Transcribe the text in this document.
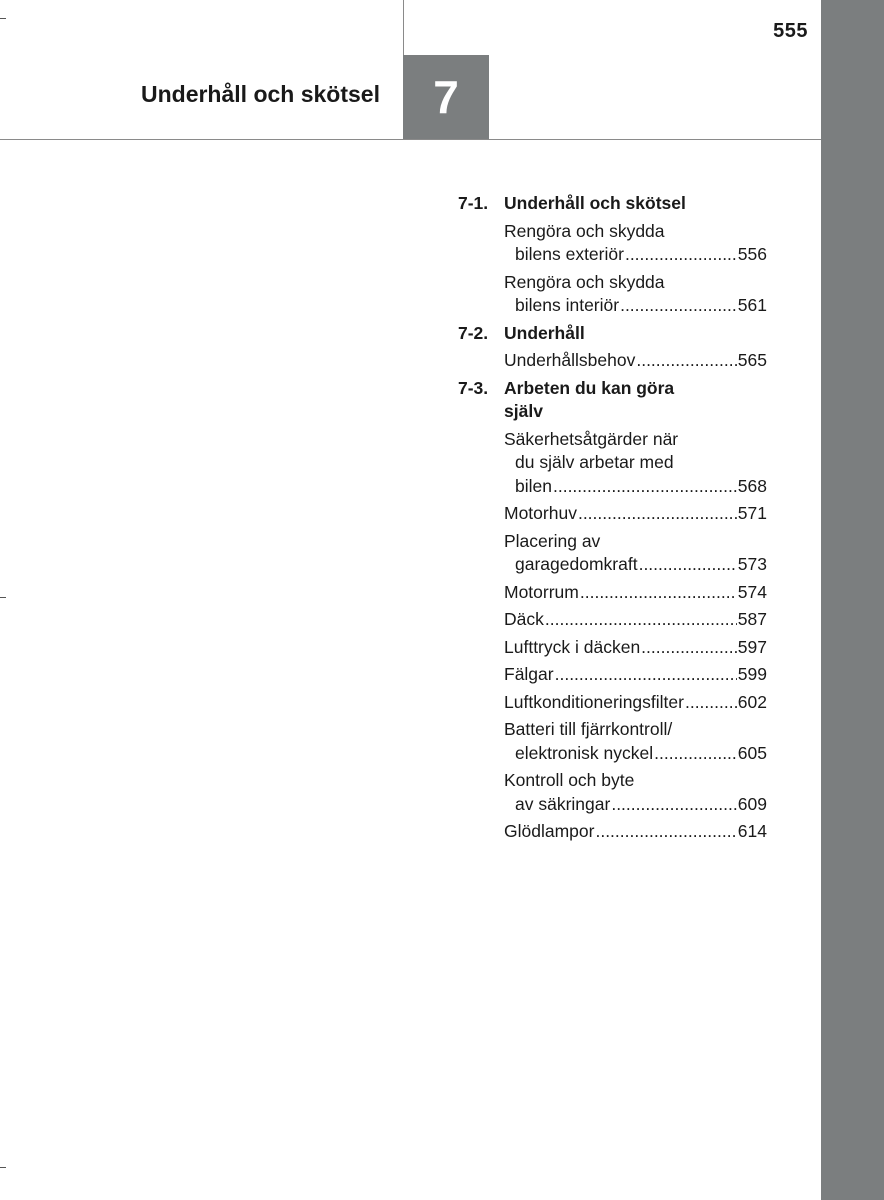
555
Underhåll och skötsel 7
7-1. Underhåll och skötsel
Rengöra och skydda
bilens exteriör .....	556
Rengöra och skydda
bilens interiör .....	561
7-2. Underhåll
Underhållsbehov .....	565
7-3. Arbeten du kan göra
själv
Säkerhetsåtgärder när
du själv arbetar med
bilen .....	568
Motorhuv .....	571
Placering av
garagedomkraft .....	573
Motorrum .....	574
Däck .....	587
Lufttryck i däcken .....	597
Fälgar .....	599
Luftkonditioneringsfilter .....	602
Batteri till fjärrkontroll/
elektronisk nyckel .....	605
Kontroll och byte
av säkringar .....	609
Glödlampor .....	614
